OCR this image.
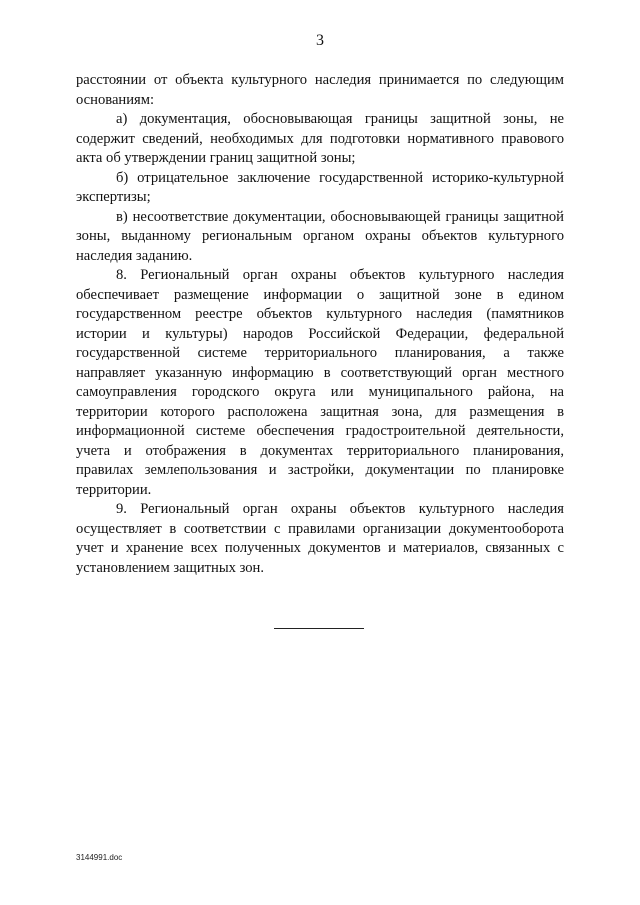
3

расстоянии от объекта культурного наследия принимается по следующим основаниям:

а) документация, обосновывающая границы защитной зоны, не содержит сведений, необходимых для подготовки нормативного правового акта об утверждении границ защитной зоны;

б) отрицательное заключение государственной историко-культурной экспертизы;

в) несоответствие документации, обосновывающей границы защитной зоны, выданному региональным органом охраны объектов культурного наследия заданию.

8. Региональный орган охраны объектов культурного наследия обеспечивает размещение информации о защитной зоне в едином государственном реестре объектов культурного наследия (памятников истории и культуры) народов Российской Федерации, федеральной государственной системе территориального планирования, а также направляет указанную информацию в соответствующий орган местного самоуправления городского округа или муниципального района, на территории которого расположена защитная зона, для размещения в информационной системе обеспечения градостроительной деятельности, учета и отображения в документах территориального планирования, правилах землепользования и застройки, документации по планировке территории.

9. Региональный орган охраны объектов культурного наследия осуществляет в соответствии с правилами организации документооборота учет и хранение всех полученных документов и материалов, связанных с установлением защитных зон.

3144991.doc
